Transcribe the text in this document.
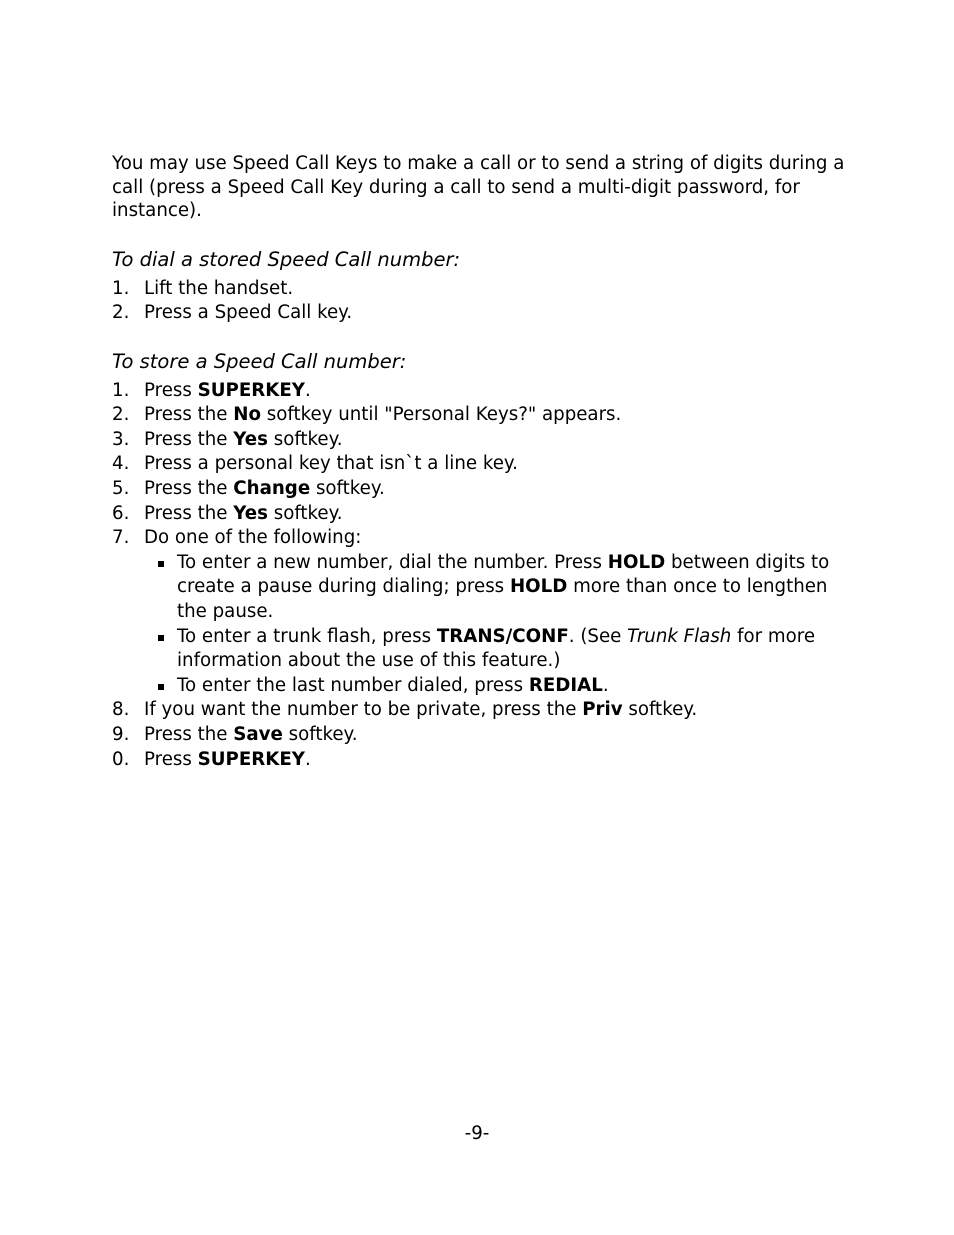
You may use Speed Call Keys to make a call or to send a string of digits during a call (press a Speed Call Key during a call to send a multi-digit password, for instance).

To dial a stored Speed Call number:
1. Lift the handset.
2. Press a Speed Call key.
To store a Speed Call number:
1. Press SUPERKEY.
2. Press the No softkey until "Personal Keys?" appears.
3. Press the Yes softkey.
4. Press a personal key that isn`t a line key.
5. Press the Change softkey.
6. Press the Yes softkey.
7. Do one of the following:
To enter a new number, dial the number. Press HOLD between digits to create a pause during dialing; press HOLD more than once to lengthen the pause.
To enter a trunk flash, press TRANS/CONF. (See Trunk Flash for more information about the use of this feature.)
To enter the last number dialed, press REDIAL.
8. If you want the number to be private, press the Priv softkey.
9. Press the Save softkey.
0. Press SUPERKEY.
-9-
